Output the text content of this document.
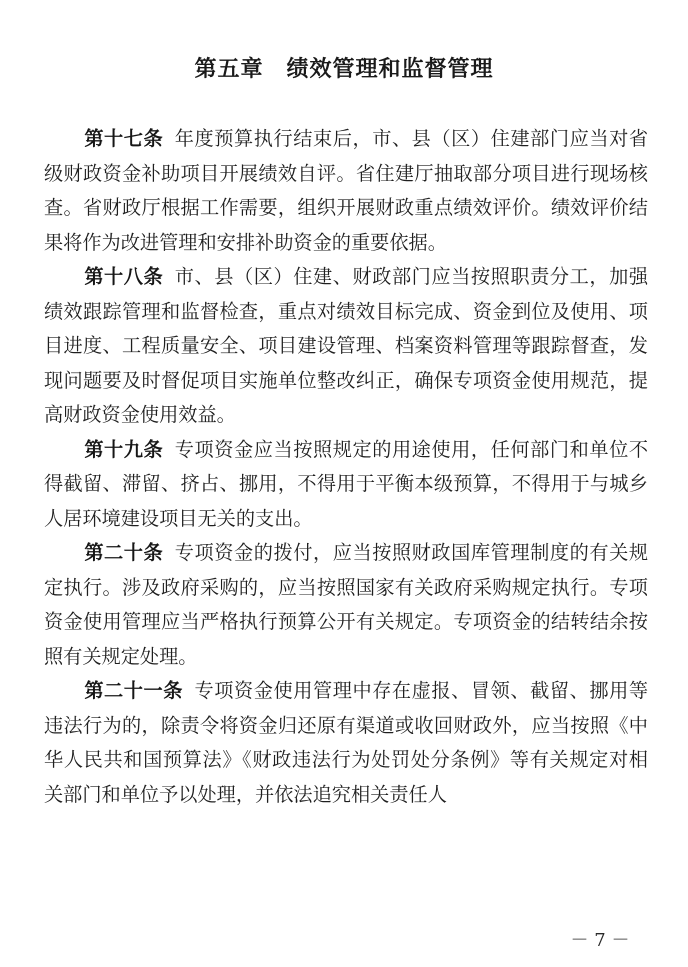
第五章　绩效管理和监督管理

第十七条 年度预算执行结束后，市、县（区）住建部门应当对省级财政资金补助项目开展绩效自评。省住建厅抽取部分项目进行现场核查。省财政厅根据工作需要，组织开展财政重点绩效评价。绩效评价结果将作为改进管理和安排补助资金的重要依据。

第十八条 市、县（区）住建、财政部门应当按照职责分工，加强绩效跟踪管理和监督检查，重点对绩效目标完成、资金到位及使用、项目进度、工程质量安全、项目建设管理、档案资料管理等跟踪督查，发现问题要及时督促项目实施单位整改纠正，确保专项资金使用规范，提高财政资金使用效益。

第十九条 专项资金应当按照规定的用途使用，任何部门和单位不得截留、滞留、挤占、挪用，不得用于平衡本级预算，不得用于与城乡人居环境建设项目无关的支出。

第二十条 专项资金的拨付，应当按照财政国库管理制度的有关规定执行。涉及政府采购的，应当按照国家有关政府采购规定执行。专项资金使用管理应当严格执行预算公开有关规定。专项资金的结转结余按照有关规定处理。

第二十一条 专项资金使用管理中存在虚报、冒领、截留、挪用等违法行为的，除责令将资金归还原有渠道或收回财政外，应当按照《中华人民共和国预算法》《财政违法行为处罚处分条例》等有关规定对相关部门和单位予以处理，并依法追究相关责任人

－ 7 －
